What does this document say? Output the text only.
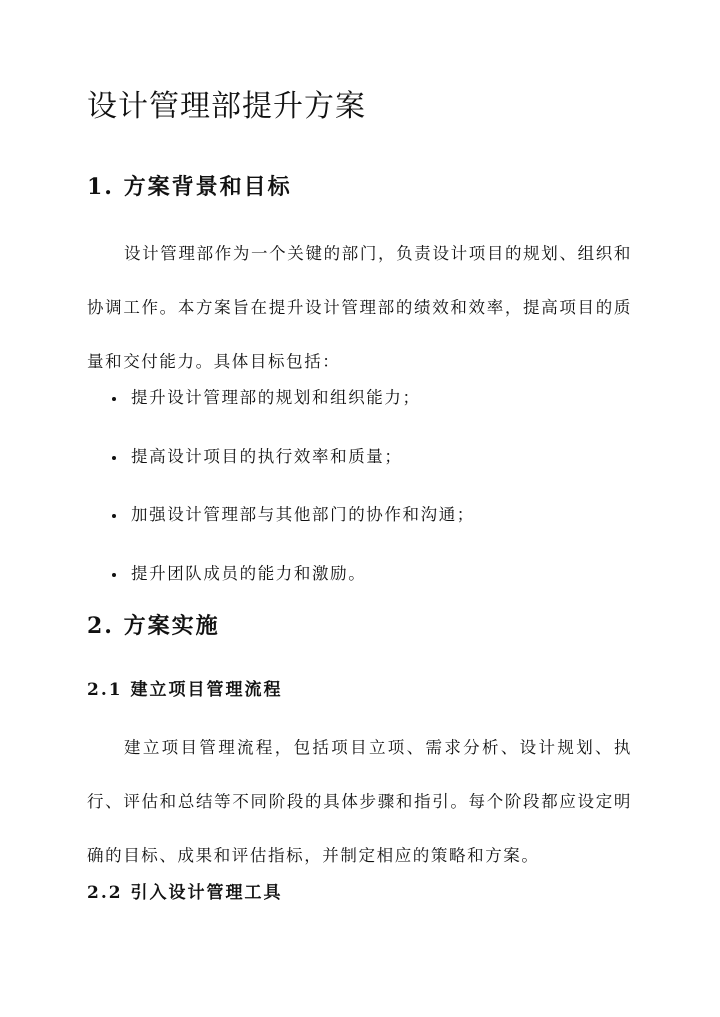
设计管理部提升方案
1. 方案背景和目标

设计管理部作为一个关键的部门，负责设计项目的规划、组织和协调工作。本方案旨在提升设计管理部的绩效和效率，提高项目的质量和交付能力。具体目标包括：

提升设计管理部的规划和组织能力；
提高设计项目的执行效率和质量；
加强设计管理部与其他部门的协作和沟通；
提升团队成员的能力和激励。
2. 方案实施
2.1 建立项目管理流程

建立项目管理流程，包括项目立项、需求分析、设计规划、执行、评估和总结等不同阶段的具体步骤和指引。每个阶段都应设定明确的目标、成果和评估指标，并制定相应的策略和方案。

2.2 引入设计管理工具
